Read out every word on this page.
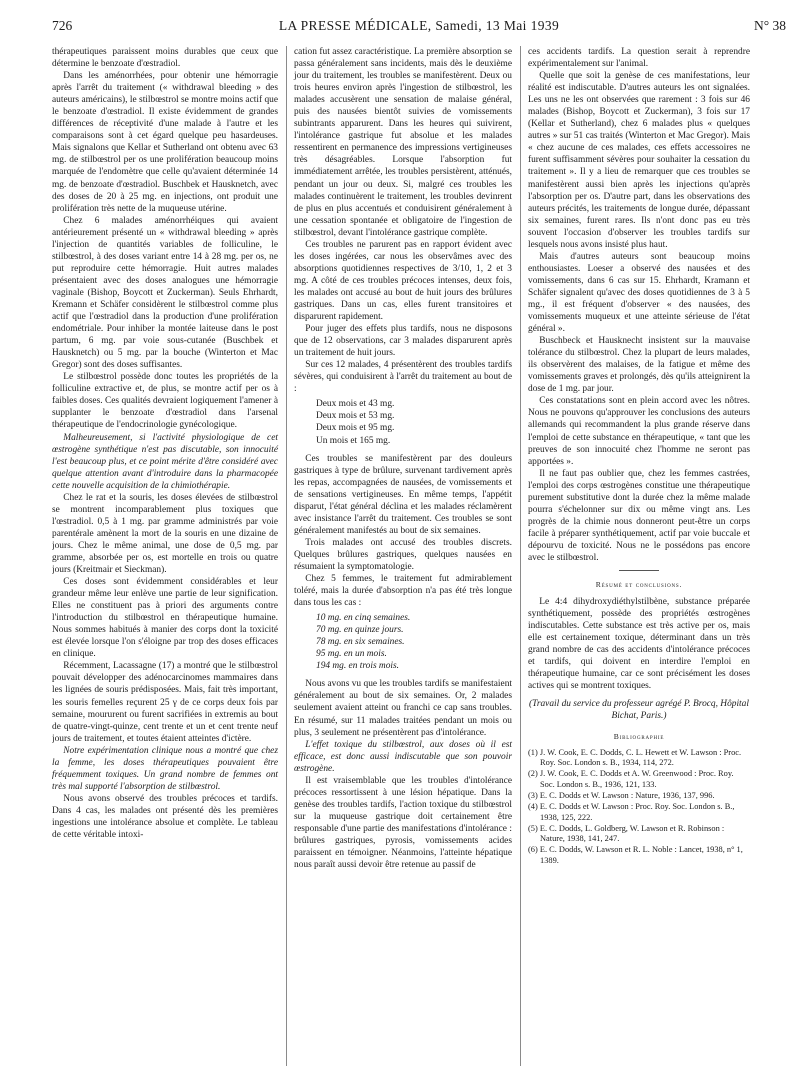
726	LA PRESSE MÉDICALE, Samedi, 13 Mai 1939	N° 38

thérapeutiques paraissent moins durables que ceux que détermine le benzoate d'œstradiol.

Dans les aménorrhées, pour obtenir une hémorragie après l'arrêt du traitement (« withdrawal bleeding » des auteurs américains), le stilbœstrol se montre moins actif que le benzoate d'œstradiol. Il existe évidemment de grandes différences de réceptivité d'une malade à l'autre et les comparaisons sont à cet égard quelque peu hasardeuses. Mais signalons que Kellar et Sutherland ont obtenu avec 63 mg. de stilbœstrol per os une prolifération beaucoup moins marquée de l'endomètre que celle qu'avaient déterminée 14 mg. de benzoate d'œstradiol. Buschbek et Hausknetch, avec des doses de 20 à 25 mg. en injections, ont produit une prolifération très nette de la muqueuse utérine.

Chez 6 malades aménorrhéiques qui avaient antérieurement présenté un « withdrawal bleeding » après l'injection de quantités variables de folliculine, le stilbœstrol, à des doses variant entre 14 à 28 mg. per os, ne put reproduire cette hémorragie. Huit autres malades présentaient avec des doses analogues une hémorragie vaginale (Bishop, Boycott et Zuckerman). Seuls Ehrhardt, Kremann et Schäfer considèrent le stilbœstrol comme plus actif que l'œstradiol dans la production d'une prolifération endométriale. Pour inhiber la montée laiteuse dans le post partum, 6 mg. par voie sous-cutanée (Buschbek et Hausknetch) ou 5 mg. par la bouche (Winterton et Mac Gregor) sont des doses suffisantes.

Le stilbœstrol possède donc toutes les propriétés de la folliculine extractive et, de plus, se montre actif per os à faibles doses. Ces qualités devraient logiquement l'amener à supplanter le benzoate d'œstradiol dans l'arsenal thérapeutique de l'endocrinologie gynécologique.

Malheureusement, si l'activité physiologique de cet œstrogène synthétique n'est pas discutable, son innocuité l'est beaucoup plus, et ce point mérite d'être considéré avec quelque attention avant d'introduire dans la pharmacopée cette nouvelle acquisition de la chimiothérapie.

Chez le rat et la souris, les doses élevées de stilbœstrol se montrent incomparablement plus toxiques que l'œstradiol. 0,5 à 1 mg. par gramme administrés par voie parentérale amènent la mort de la souris en une dizaine de jours. Chez le même animal, une dose de 0,5 mg. par gramme, absorbée per os, est mortelle en trois ou quatre jours (Kreitmair et Sieckman).

Ces doses sont évidemment considérables et leur grandeur même leur enlève une partie de leur signification. Elles ne constituent pas à priori des arguments contre l'introduction du stilbœstrol en thérapeutique humaine. Nous sommes habitués à manier des corps dont la toxicité est élevée lorsque l'on s'éloigne par trop des doses efficaces en clinique.

Récemment, Lacassagne (17) a montré que le stilbœstrol pouvait développer des adénocarcinomes mammaires dans les lignées de souris prédisposées. Mais, fait très important, les souris femelles reçurent 25 γ de ce corps deux fois par semaine, moururent ou furent sacrifiées in extremis au bout de quatre-vingt-quinze, cent trente et un et cent trente neuf jours de traitement, et toutes étaient atteintes d'ictère.

Notre expérimentation clinique nous a montré que chez la femme, les doses thérapeutiques pouvaient être fréquemment toxiques. Un grand nombre de femmes ont très mal supporté l'absorption de stilbœstrol.

Nous avons observé des troubles précoces et tardifs. Dans 4 cas, les malades ont présenté dès les premières ingestions une intolérance absolue et complète. Le tableau de cette véritable intoxi-

cation fut assez caractéristique. La première absorption se passa généralement sans incidents, mais dès le deuxième jour du traitement, les troubles se manifestèrent. Deux ou trois heures environ après l'ingestion de stilbœstrol, les malades accusèrent une sensation de malaise général, puis des nausées bientôt suivies de vomissements subintrants apparurent. Dans les heures qui suivirent, l'intolérance gastrique fut absolue et les malades ressentirent en permanence des impressions vertigineuses très désagréables. Lorsque l'absorption fut immédiatement arrêtée, les troubles persistèrent, atténués, pendant un jour ou deux. Si, malgré ces troubles les malades continuèrent le traitement, les troubles devinrent de plus en plus accentués et conduisirent généralement à une cessation spontanée et obligatoire de l'ingestion de stilbœstrol, devant l'intolérance gastrique complète.

Ces troubles ne parurent pas en rapport évident avec les doses ingérées, car nous les observâmes avec des absorptions quotidiennes respectives de 3/10, 1, 2 et 3 mg. A côté de ces troubles précoces intenses, deux fois, les malades ont accusé au bout de huit jours des brûlures gastriques. Dans un cas, elles furent transitoires et disparurent rapidement.

Pour juger des effets plus tardifs, nous ne disposons que de 12 observations, car 3 malades disparurent après un traitement de huit jours.

Sur ces 12 malades, 4 présentèrent des troubles tardifs sévères, qui conduisirent à l'arrêt du traitement au bout de :

Deux mois et 43 mg.
Deux mois et 53 mg.
Deux mois et 95 mg.
Un mois et 165 mg.

Ces troubles se manifestèrent par des douleurs gastriques à type de brûlure, survenant tardivement après les repas, accompagnées de nausées, de vomissements et de sensations vertigineuses. En même temps, l'appétit disparut, l'état général déclina et les malades réclamèrent avec insistance l'arrêt du traitement. Ces troubles se sont généralement manifestés au bout de six semaines.

Trois malades ont accusé des troubles discrets. Quelques brûlures gastriques, quelques nausées en résumaient la symptomatologie.

Chez 5 femmes, le traitement fut admirablement toléré, mais la durée d'absorption n'a pas été très longue dans tous les cas :

10 mg. en cinq semaines.
70 mg. en quinze jours.
78 mg. en six semaines.
95 mg. en un mois.
194 mg. en trois mois.

Nous avons vu que les troubles tardifs se manifestaient généralement au bout de six semaines. Or, 2 malades seulement avaient atteint ou franchi ce cap sans troubles. En résumé, sur 11 malades traitées pendant un mois ou plus, 3 seulement ne présentèrent pas d'intolérance.

L'effet toxique du stilbœstrol, aux doses où il est efficace, est donc aussi indiscutable que son pouvoir œstrogène.

Il est vraisemblable que les troubles d'intolérance précoces ressortissent à une lésion hépatique. Dans la genèse des troubles tardifs, l'action toxique du stilbœstrol sur la muqueuse gastrique doit certainement être responsable d'une partie des manifestations d'intolérance : brûlures gastriques, pyrosis, vomissements acides paraissent en témoigner. Néanmoins, l'atteinte hépatique nous paraît aussi devoir être retenue au passif de

ces accidents tardifs. La question serait à reprendre expérimentalement sur l'animal.

Quelle que soit la genèse de ces manifestations, leur réalité est indiscutable. D'autres auteurs les ont signalées. Les uns ne les ont observées que rarement : 3 fois sur 46 malades (Bishop, Boycott et Zuckerman), 3 fois sur 17 (Kellar et Sutherland), chez 6 malades plus « quelques autres » sur 51 cas traités (Winterton et Mac Gregor). Mais « chez aucune de ces malades, ces effets accessoires ne furent suffisamment sévères pour souhaiter la cessation du traitement ». Il y a lieu de remarquer que ces troubles se manifestèrent aussi bien après les injections qu'après l'absorption per os. D'autre part, dans les observations des auteurs précités, les traitements de longue durée, dépassant six semaines, furent rares. Ils n'ont donc pas eu très souvent l'occasion d'observer les troubles tardifs sur lesquels nous avons insisté plus haut.

Mais d'autres auteurs sont beaucoup moins enthousiastes. Loeser a observé des nausées et des vomissements, dans 6 cas sur 15. Ehrhardt, Kramann et Schäfer signalent qu'avec des doses quotidiennes de 3 à 5 mg., il est fréquent d'observer « des nausées, des vomissements muqueux et une atteinte sérieuse de l'état général ».

Buschbeck et Hausknecht insistent sur la mauvaise tolérance du stilbœstrol. Chez la plupart de leurs malades, ils observèrent des malaises, de la fatigue et même des vomissements graves et prolongés, dès qu'ils atteignirent la dose de 1 mg. par jour.

Ces constatations sont en plein accord avec les nôtres. Nous ne pouvons qu'approuver les conclusions des auteurs allemands qui recommandent la plus grande réserve dans l'emploi de cette substance en thérapeutique, « tant que les preuves de son innocuité chez l'homme ne seront pas apportées ».

Il ne faut pas oublier que, chez les femmes castrées, l'emploi des corps œstrogènes constitue une thérapeutique purement substitutive dont la durée chez la même malade pourra s'échelonner sur dix ou même vingt ans. Les progrès de la chimie nous donneront peut-être un corps facile à préparer synthétiquement, actif par voie buccale et dépourvu de toxicité. Nous ne le possédons pas encore avec le stilbœstrol.

Résumé et conclusions.

Le 4:4 dihydroxydiéthylstilbène, substance préparée synthétiquement, possède des propriétés œstrogènes indiscutables. Cette substance est très active per os, mais elle est certainement toxique, déterminant dans un très grand nombre de cas des accidents d'intolérance précoces et tardifs, qui doivent en interdire l'emploi en thérapeutique humaine, car ce sont précisément les doses actives qui se montrent toxiques.

(Travail du service du professeur agrégé P. Brocq, Hôpital Bichat, Paris.)

Bibliographie
(1) J. W. Cook, E. C. Dodds, C. L. Hewett et W. Lawson : Proc. Roy. Soc. London s. B., 1934, 114, 272.
(2) J. W. Cook, E. C. Dodds et A. W. Greenwood : Proc. Roy. Soc. London s. B., 1936, 121, 133.
(3) E. C. Dodds et W. Lawson : Nature, 1936, 137, 996.
(4) E. C. Dodds et W. Lawson : Proc. Roy. Soc. London s. B., 1938, 125, 222.
(5) E. C. Dodds, L. Goldberg, W. Lawson et R. Robinson : Nature, 1938, 141, 247.
(6) E. C. Dodds, W. Lawson et R. L. Noble : Lancet, 1938, n° 1, 1389.
